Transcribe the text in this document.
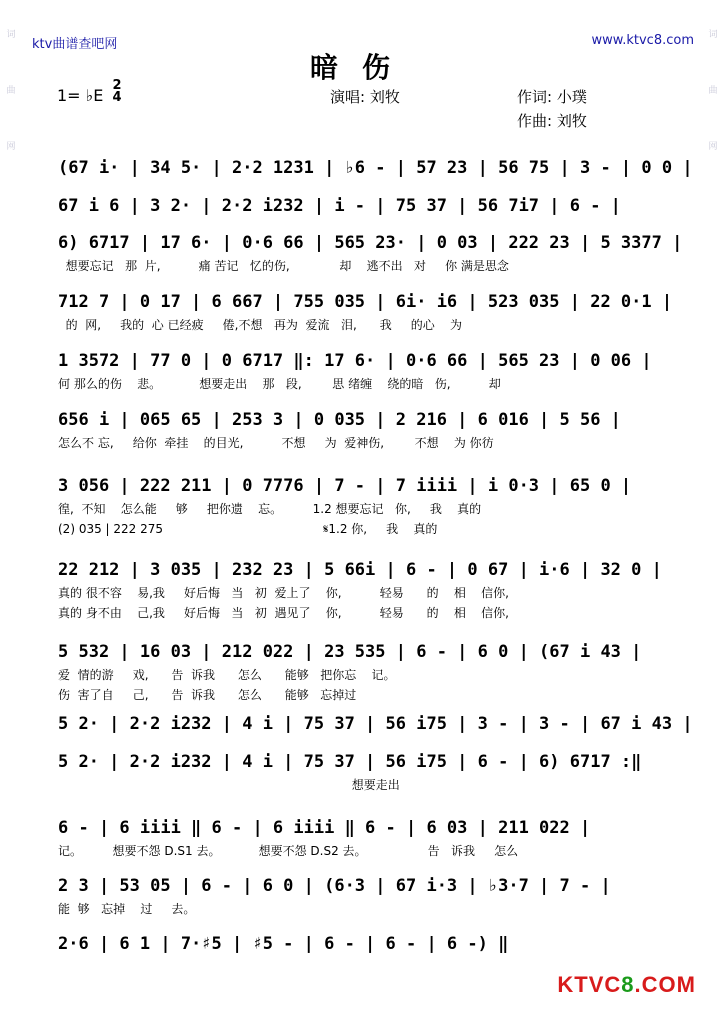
ktv曲谱查吧网	www.ktvc8.com
暗伤
1= ♭E
2
4	演唱: 刘牧	作词: 小璞
作曲: 刘牧
词
曲
网
词
曲
网
(67 i· | 34 5· | 2·2 1231 | ♭6 - | 57 23 | 56 75 | 3 - | 0 0 |
67 i 6 | 3 2· | 2·2 i232 | i - | 75 37 | 56 7i7 | 6 - |
6) 6717 | 17 6· | 0·6 66 | 565 23· | 0 03 | 222 23 | 5 3377 |
想要忘记   那  片,          痛 苦记   忆的伤,             却    逃不出   对     你 满是思念
712 7 | 0 17 | 6 667 | 755 035 | 6i· i6 | 523 035 | 22 0·1 |
的  网,     我的  心 已经疲     倦,不想   再为  爱流   泪,      我     的心    为
1 3572 | 77 0 | 0 6717 ‖: 17 6· | 0·6 66 | 565 23 | 0 06 |
何 那么的伤    悲。          想要走出    那   段,        思 绪缠    绕的暗   伤,          却
656 i | 065 65 | 253 3 | 0 035 | 2 216 | 6 016 | 5 56 |
怎么不 忘,     给你  牵挂    的目光,          不想     为  爱神伤,        不想    为 你彷
3 056 | 222 211 | 0 7776 | 7 - | 7 iiii | i 0·3 | 65 0 |
徨,  不知    怎么能     够     把你遗    忘。        1.2 想要忘记   你,     我    真的
(2) 035 | 222 275                                          𝄋1.2 你,     我    真的
22 212 | 3 035 | 232 23 | 5 66i | 6 - | 0 67 | i·6 | 32 0 |
真的 很不容    易,我     好后悔   当   初  爱上了    你,          轻易      的    相    信你,
真的 身不由    己,我     好后悔   当   初  遇见了    你,          轻易      的    相    信你,
5 532 | 16 03 | 212 022 | 23 535 | 6 - | 6 0 | (67 i 43 |
爱  情的游     戏,      告  诉我      怎么      能够   把你忘    记。
伤  害了自     己,      告  诉我      怎么      能够   忘掉过
5 2· | 2·2 i232 | 4 i | 75 37 | 56 i75 | 3 - | 3 - | 67 i 43 |
5 2· | 2·2 i232 | 4 i | 75 37 | 56 i75 | 6 - | 6) 6717 :‖
想要走出
6 - | 6 iiii ‖ 6 - | 6 iiii ‖ 6 - | 6 03 | 211 022 |
记。        想要不怨 D.S1 去。          想要不怨 D.S2 去。                告   诉我     怎么
2 3 | 53 05 | 6 - | 6 0 | (6·3 | 67 i·3 | ♭3·7 | 7 - |
能  够   忘掉    过     去。
2·6 | 6 1 | 7·♯5 | ♯5 - | 6 - | 6 - | 6 -) ‖
KTVC8.COM
